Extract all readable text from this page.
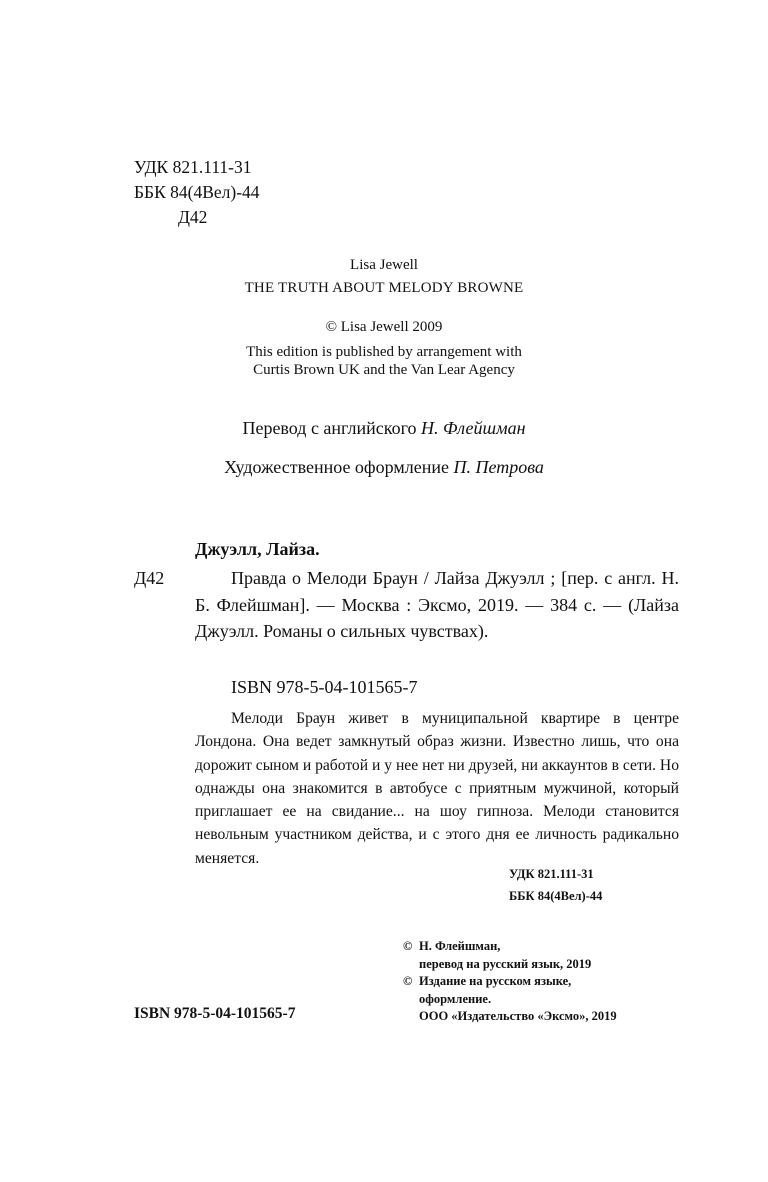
УДК 821.111-31
ББК 84(4Вел)-44
Д42
Lisa Jewell
THE TRUTH ABOUT MELODY BROWNE
© Lisa Jewell 2009
This edition is published by arrangement with
Curtis Brown UK and the Van Lear Agency
Перевод с английского Н. Флейшман
Художественное оформление П. Петрова
Джуэлл, Лайза.
Д42	Правда о Мелоди Браун / Лайза Джуэлл ; [пер. с англ. Н. Б. Флейшман]. — Москва : Эксмо, 2019. — 384 с. — (Лайза Джуэлл. Романы о сильных чувствах).
ISBN 978-5-04-101565-7
Мелоди Браун живет в муниципальной квартире в центре Лондона. Она ведет замкнутый образ жизни. Известно лишь, что она дорожит сыном и работой и у нее нет ни друзей, ни аккаунтов в сети. Но однажды она знакомится в автобусе с приятным мужчиной, который приглашает ее на свидание... на шоу гипноза. Мелоди становится невольным участником действа, и с этого дня ее личность радикально меняется.
УДК 821.111-31
ББК 84(4Вел)-44
© Н. Флейшман,
перевод на русский язык, 2019
© Издание на русском языке,
оформление.
ООО «Издательство «Эксмо», 2019
ISBN 978-5-04-101565-7
